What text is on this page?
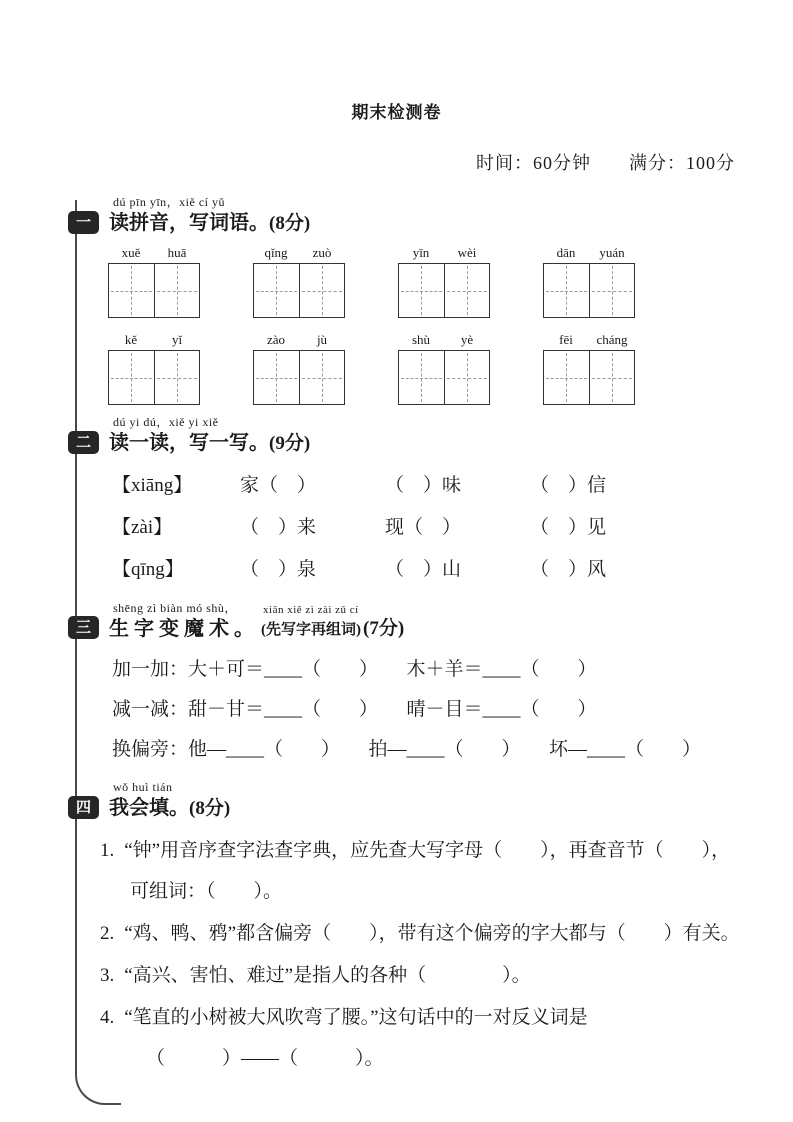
期末检测卷
时间：60分钟　　满分：100分
一
dú pīn yīn，xiě cí yǔ
读拼音，写词语。(8分)
xuě	huā	qǐng	zuò	yīn	wèi	dān	yuán
kě	yǐ	zào	jù	shù	yè	fēi	cháng
二
dú yi dú，xiě yi xiě
读一读，写一写。(9分)
【xiāng】	家（　）	（　）味	（　）信
【zài】	（　）来	现（　）	（　）见
【qīng】	（　）泉	（　）山	（　）风
三
shēng zì biàn mó shù，
生字变魔术。
xiān xiě zì zài zǔ cí
(先写字再组词) (7分)
加一加： 大＋可＝____（　　）　　木＋羊＝____（　　）
减一减： 甜－甘＝____（　　）　　晴－目＝____（　　）
换偏旁： 他—____（　　）　　拍—____（　　）　　坏—____（　　）
四
wǒ huì tián
我会填。(8分)
1. “钟”用音序查字法查字典，应先查大写字母（　　），再查音节（　　），
可组词：（　　）。
2. “鸡、鸭、鸦”都含偏旁（　　），带有这个偏旁的字大都与（　　）有关。
3. “高兴、害怕、难过”是指人的各种（　　　　）。
4. “笔直的小树被大风吹弯了腰。”这句话中的一对反义词是
（　　　）——（　　　）。
